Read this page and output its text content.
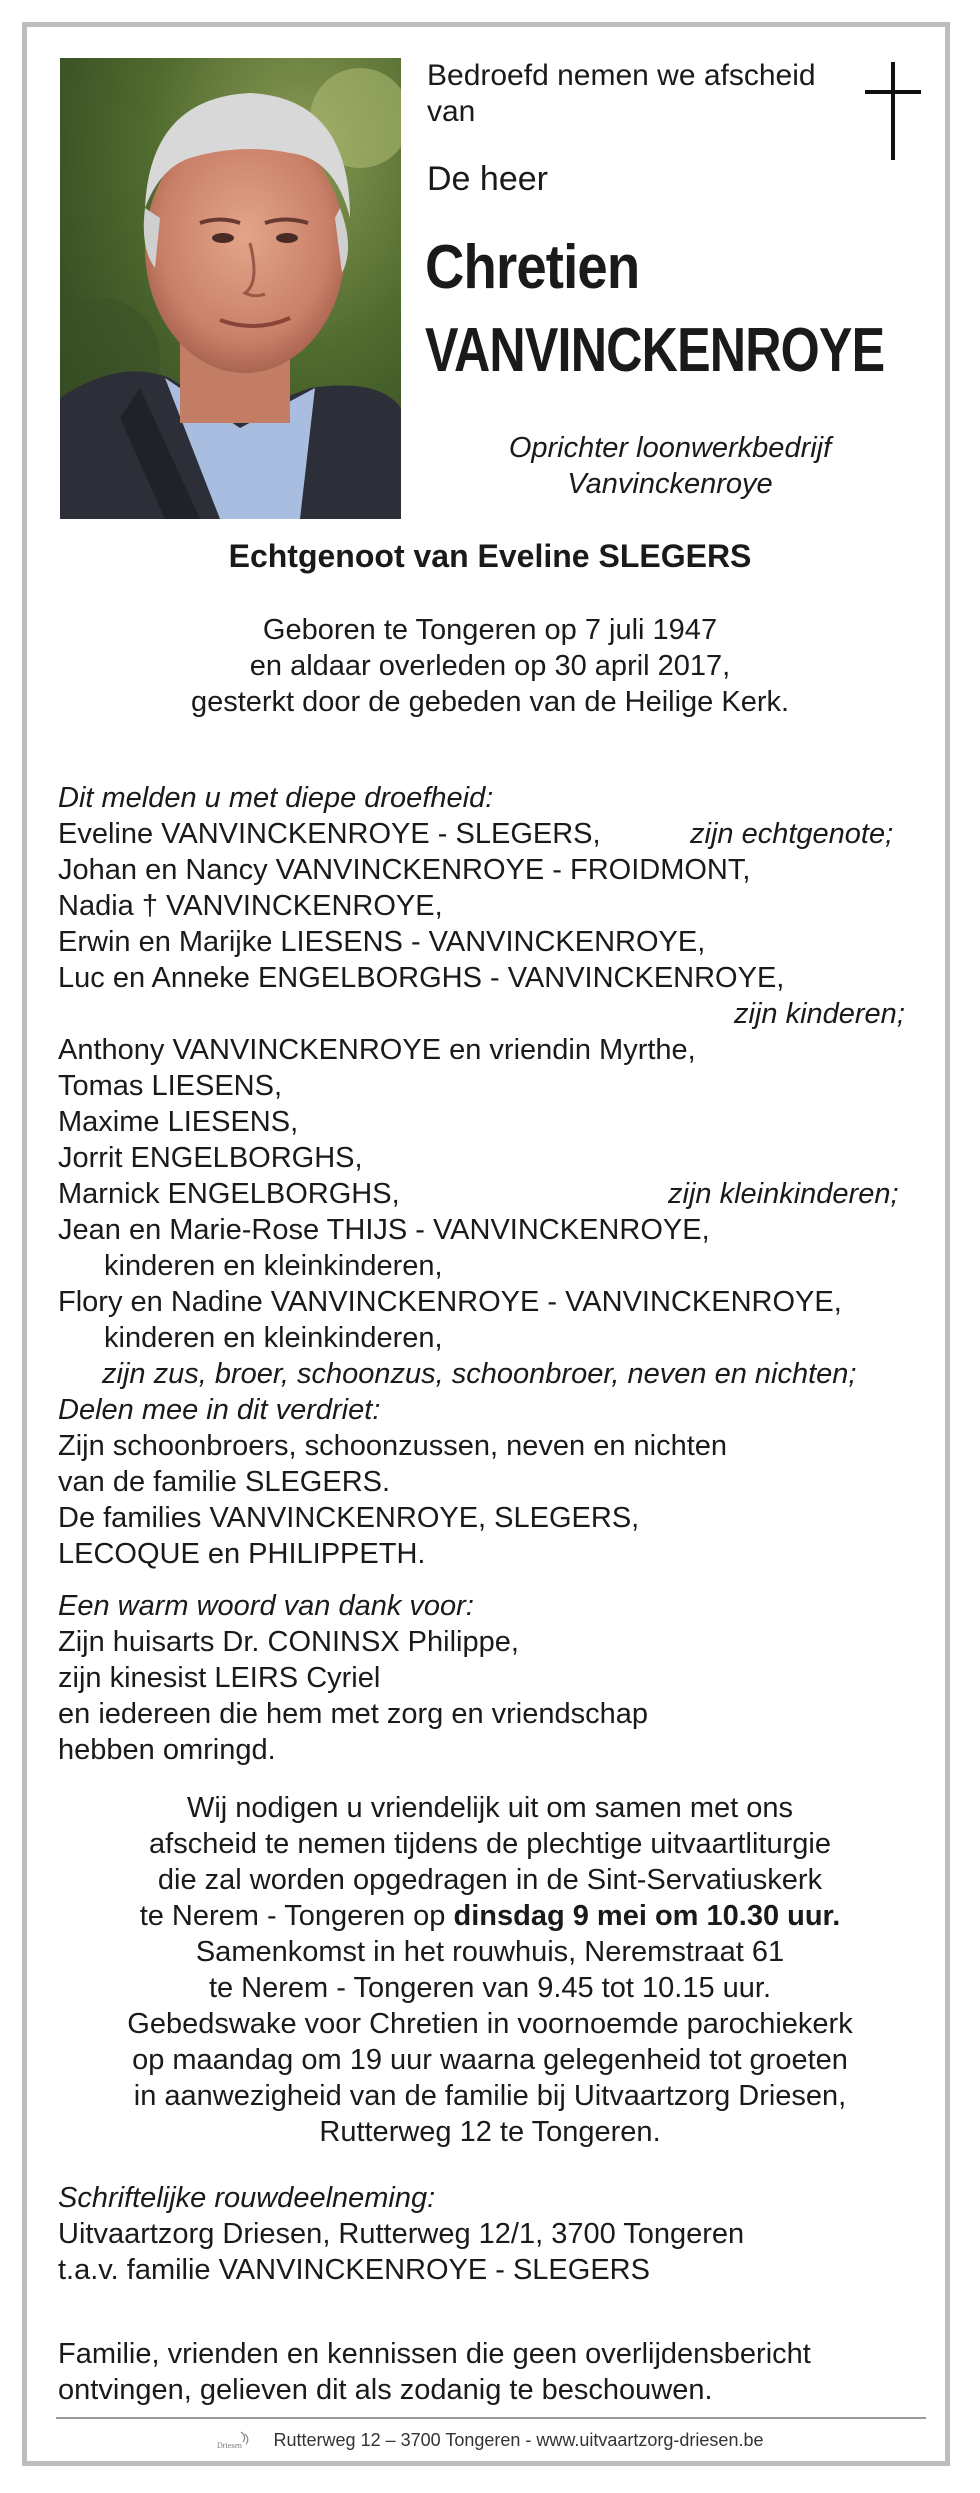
Bedroefd nemen we afscheid
van
De heer
Chretien
VANVINCKENROYE
Oprichter loonwerkbedrijf
Vanvinckenroye
Echtgenoot van Eveline SLEGERS
Geboren te Tongeren op 7 juli 1947
en aldaar overleden op 30 april 2017,
gesterkt door de gebeden van de Heilige Kerk.
Dit melden u met diepe droefheid:
Eveline VANVINCKENROYE - SLEGERS,	zijn echtgenote;
Johan en Nancy VANVINCKENROYE - FROIDMONT,
Nadia † VANVINCKENROYE,
Erwin en Marijke LIESENS - VANVINCKENROYE,
Luc en Anneke ENGELBORGHS - VANVINCKENROYE,
zijn kinderen;
Anthony VANVINCKENROYE en vriendin Myrthe,
Tomas LIESENS,
Maxime LIESENS,
Jorrit ENGELBORGHS,
Marnick ENGELBORGHS,	zijn kleinkinderen;
Jean en Marie-Rose THIJS - VANVINCKENROYE,
kinderen en kleinkinderen,
Flory en Nadine VANVINCKENROYE - VANVINCKENROYE,
kinderen en kleinkinderen,
zijn zus, broer, schoonzus, schoonbroer, neven en nichten;
Delen mee in dit verdriet:
Zijn schoonbroers, schoonzussen, neven en nichten
van de familie SLEGERS.
De families VANVINCKENROYE, SLEGERS,
LECOQUE en PHILIPPETH.
Een warm woord van dank voor:
Zijn huisarts Dr. CONINSX Philippe,
zijn kinesist LEIRS Cyriel
en iedereen die hem met zorg en vriendschap
hebben omringd.
Wij nodigen u vriendelijk uit om samen met ons
afscheid te nemen tijdens de plechtige uitvaartliturgie
die zal worden opgedragen in de Sint-Servatiuskerk
te Nerem - Tongeren op dinsdag 9 mei om 10.30 uur.
Samenkomst in het rouwhuis, Neremstraat 61
te Nerem - Tongeren van 9.45 tot 10.15 uur.
Gebedswake voor Chretien in voornoemde parochiekerk
op maandag om 19 uur waarna gelegenheid tot groeten
in aanwezigheid van de familie bij Uitvaartzorg Driesen,
Rutterweg 12 te Tongeren.
Schriftelijke rouwdeelneming:
Uitvaartzorg Driesen, Rutterweg 12/1, 3700 Tongeren
t.a.v. familie VANVINCKENROYE - SLEGERS
Familie, vrienden en kennissen die geen overlijdensbericht
ontvingen, gelieven dit als zodanig te beschouwen.
Driesen Rutterweg 12 – 3700 Tongeren - www.uitvaartzorg-driesen.be
